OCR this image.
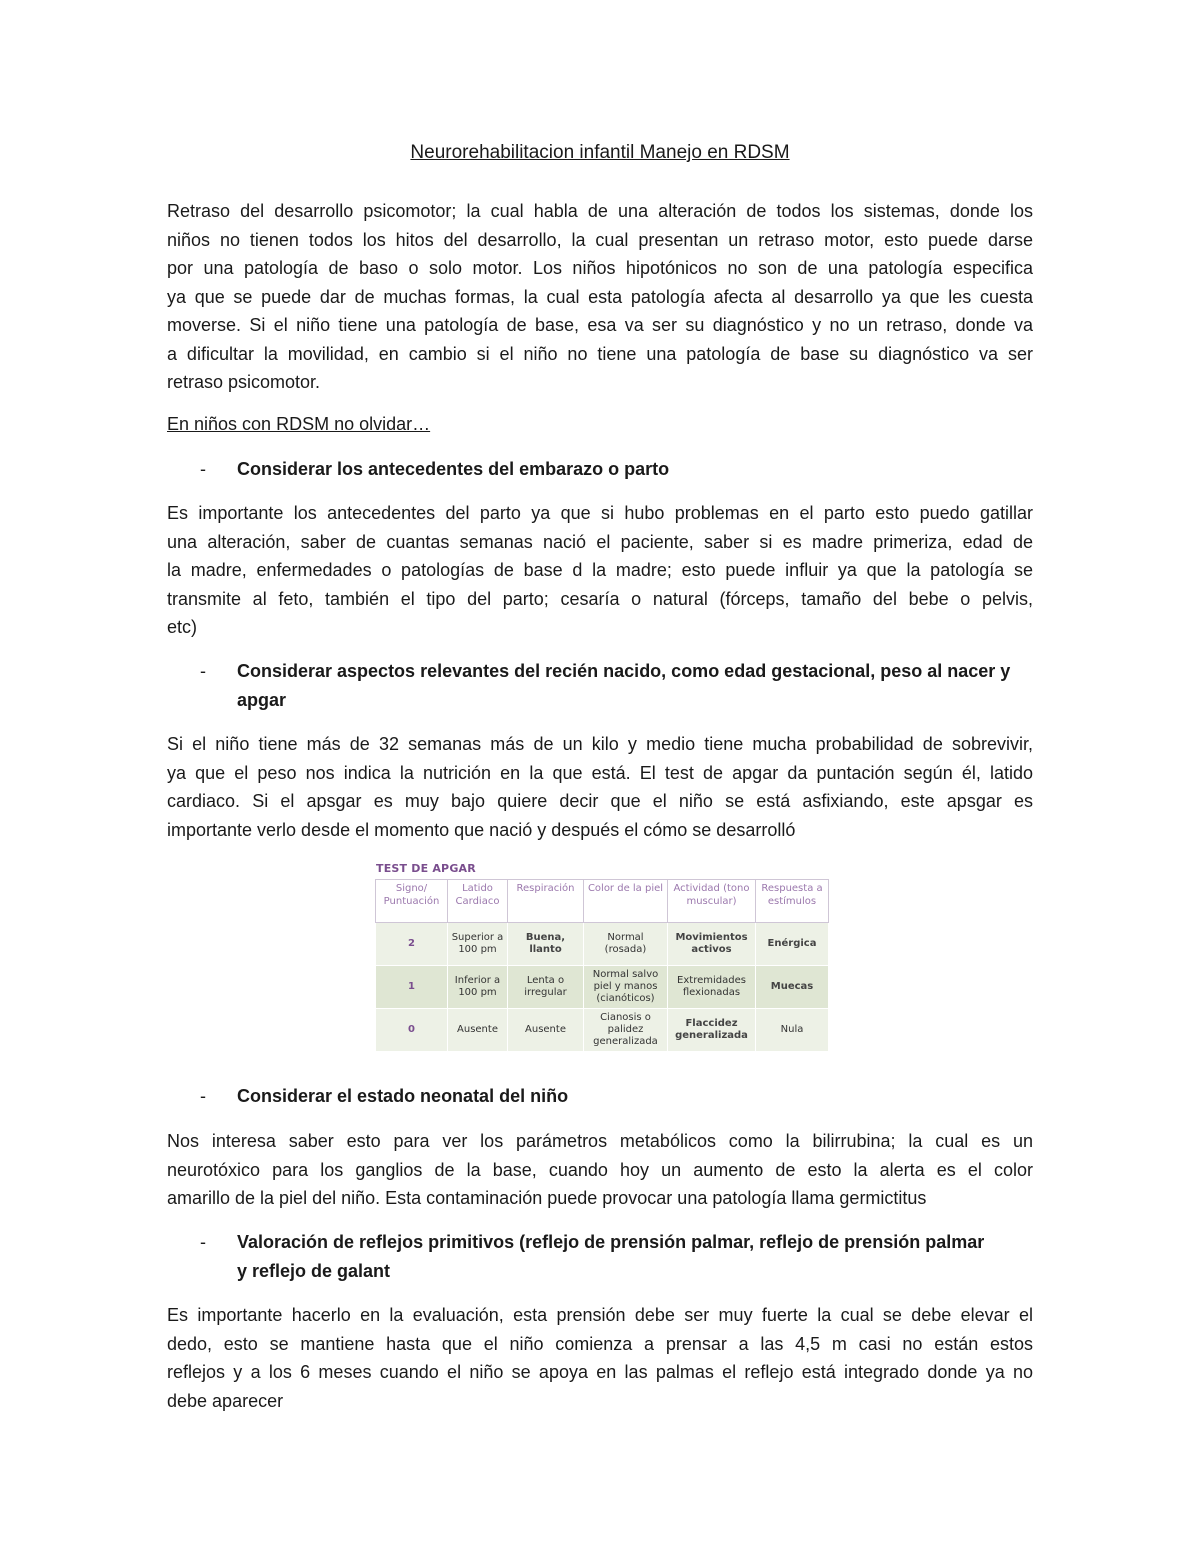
Neurorehabilitacion infantil Manejo en RDSM
Retraso del desarrollo psicomotor; la cual habla de una alteración de todos los sistemas, donde los
niños no tienen todos los hitos del desarrollo, la cual presentan un retraso motor, esto puede darse
por una patología de baso o solo motor. Los niños hipotónicos no son de una patología especifica
ya que se puede dar de muchas formas, la cual esta patología afecta al desarrollo ya que les cuesta
moverse. Si el niño tiene una patología de base, esa va ser su diagnóstico y no un retraso, donde va
a dificultar la movilidad, en cambio si el niño no tiene una patología de base su diagnóstico va ser
retraso psicomotor.
En niños con RDSM no olvidar…
-	Considerar los antecedentes del embarazo o parto
Es importante los antecedentes del parto ya que si hubo problemas en el parto esto puedo gatillar
una alteración, saber de cuantas semanas nació el paciente, saber si es madre primeriza, edad de
la madre, enfermedades o patologías de base d la madre; esto puede influir ya que la patología se
transmite al feto, también el tipo del parto; cesaría o natural (fórceps, tamaño del bebe o pelvis,
etc)
-	Considerar aspectos relevantes del recién nacido, como edad gestacional, peso al nacer y
apgar
Si el niño tiene más de 32 semanas más de un kilo y medio tiene mucha probabilidad de sobrevivir,
ya que el peso nos indica la nutrición en la que está. El test de apgar da puntación según él, latido
cardiaco. Si el apsgar es muy bajo quiere decir que el niño se está asfixiando, este apsgar es
importante verlo desde el momento que nació y después el cómo se desarrolló
TEST DE APGAR
Signo/ Puntuación	Latido Cardiaco	Respiración	Color de la piel	Actividad (tono muscular)	Respuesta a estímulos
2	Superior a 100 pm	Buena, llanto	Normal (rosada)	Movimientos activos	Enérgica
1	Inferior a 100 pm	Lenta o irregular	Normal salvo piel y manos (cianóticos)	Extremidades flexionadas	Muecas
0	Ausente	Ausente	Cianosis o palidez generalizada	Flaccidez generalizada	Nula
-	Considerar el estado neonatal del niño
Nos interesa saber esto para ver los parámetros metabólicos como la bilirrubina; la cual es un
neurotóxico para los ganglios de la base, cuando hoy un aumento de esto la alerta es el color
amarillo de la piel del niño. Esta contaminación puede provocar una patología llama germictitus
-	Valoración de reflejos primitivos (reflejo de prensión palmar, reflejo de prensión palmar
y reflejo de galant
Es importante hacerlo en la evaluación, esta prensión debe ser muy fuerte la cual se debe elevar el
dedo, esto se mantiene hasta que el niño comienza a prensar a las 4,5 m casi no están estos
reflejos y a los 6 meses cuando el niño se apoya en las palmas el reflejo está integrado donde ya no
debe aparecer
